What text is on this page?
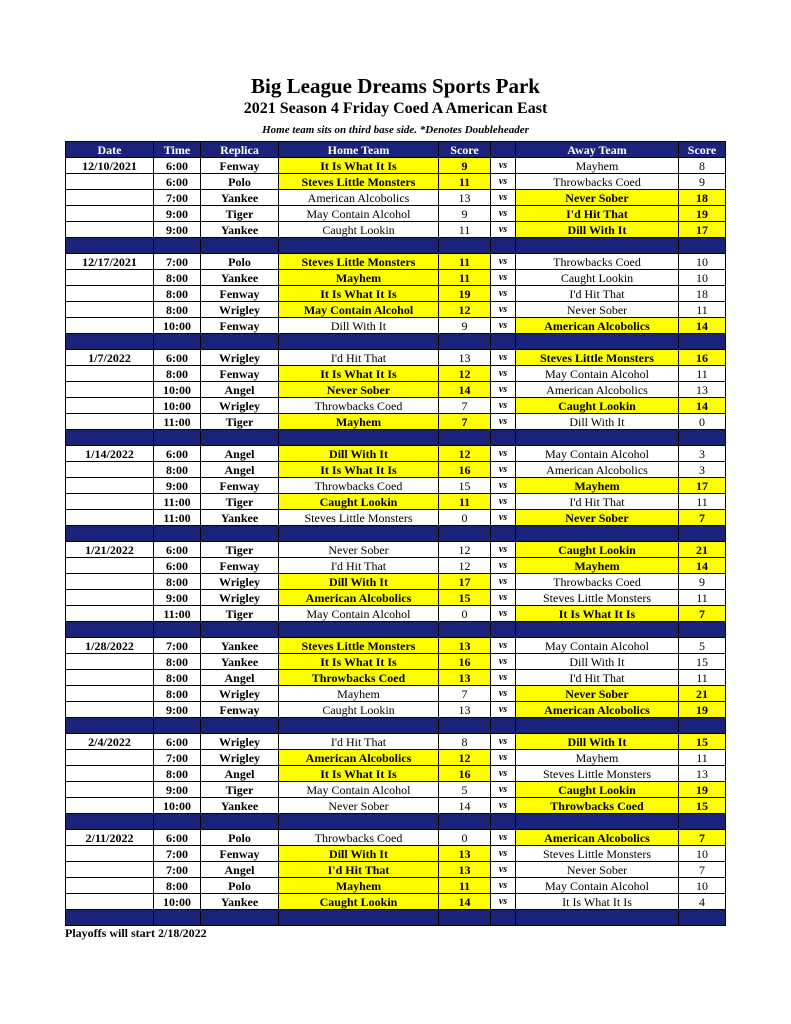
Big League Dreams Sports Park
2021 Season 4 Friday Coed A American East
Home team sits on third base side. *Denotes Doubleheader
Date	Time	Replica	Home Team	Score		Away Team	Score
12/10/2021	6:00	Fenway	It Is What It Is	9	vs	Mayhem	8
	6:00	Polo	Steves Little Monsters	11	vs	Throwbacks Coed	9
	7:00	Yankee	American Alcobolics	13	vs	Never Sober	18
	9:00	Tiger	May Contain Alcohol	9	vs	I'd Hit That	19
	9:00	Yankee	Caught Lookin	11	vs	Dill With It	17

12/17/2021	7:00	Polo	Steves Little Monsters	11	vs	Throwbacks Coed	10
	8:00	Yankee	Mayhem	11	vs	Caught Lookin	10
	8:00	Fenway	It Is What It Is	19	vs	I'd Hit That	18
	8:00	Wrigley	May Contain Alcohol	12	vs	Never Sober	11
	10:00	Fenway	Dill With It	9	vs	American Alcobolics	14

1/7/2022	6:00	Wrigley	I'd Hit That	13	vs	Steves Little Monsters	16
	8:00	Fenway	It Is What It Is	12	vs	May Contain Alcohol	11
	10:00	Angel	Never Sober	14	vs	American Alcobolics	13
	10:00	Wrigley	Throwbacks Coed	7	vs	Caught Lookin	14
	11:00	Tiger	Mayhem	7	vs	Dill With It	0

1/14/2022	6:00	Angel	Dill With It	12	vs	May Contain Alcohol	3
	8:00	Angel	It Is What It Is	16	vs	American Alcobolics	3
	9:00	Fenway	Throwbacks Coed	15	vs	Mayhem	17
	11:00	Tiger	Caught Lookin	11	vs	I'd Hit That	11
	11:00	Yankee	Steves Little Monsters	0	vs	Never Sober	7

1/21/2022	6:00	Tiger	Never Sober	12	vs	Caught Lookin	21
	6:00	Fenway	I'd Hit That	12	vs	Mayhem	14
	8:00	Wrigley	Dill With It	17	vs	Throwbacks Coed	9
	9:00	Wrigley	American Alcobolics	15	vs	Steves Little Monsters	11
	11:00	Tiger	May Contain Alcohol	0	vs	It Is What It Is	7

1/28/2022	7:00	Yankee	Steves Little Monsters	13	vs	May Contain Alcohol	5
	8:00	Yankee	It Is What It Is	16	vs	Dill With It	15
	8:00	Angel	Throwbacks Coed	13	vs	I'd Hit That	11
	8:00	Wrigley	Mayhem	7	vs	Never Sober	21
	9:00	Fenway	Caught Lookin	13	vs	American Alcobolics	19

2/4/2022	6:00	Wrigley	I'd Hit That	8	vs	Dill With It	15
	7:00	Wrigley	American Alcobolics	12	vs	Mayhem	11
	8:00	Angel	It Is What It Is	16	vs	Steves Little Monsters	13
	9:00	Tiger	May Contain Alcohol	5	vs	Caught Lookin	19
	10:00	Yankee	Never Sober	14	vs	Throwbacks Coed	15

2/11/2022	6:00	Polo	Throwbacks Coed	0	vs	American Alcobolics	7
	7:00	Fenway	Dill With It	13	vs	Steves Little Monsters	10
	7:00	Angel	I'd Hit That	13	vs	Never Sober	7
	8:00	Polo	Mayhem	11	vs	May Contain Alcohol	10
	10:00	Yankee	Caught Lookin	14	vs	It Is What It Is	4

Playoffs will start 2/18/2022
